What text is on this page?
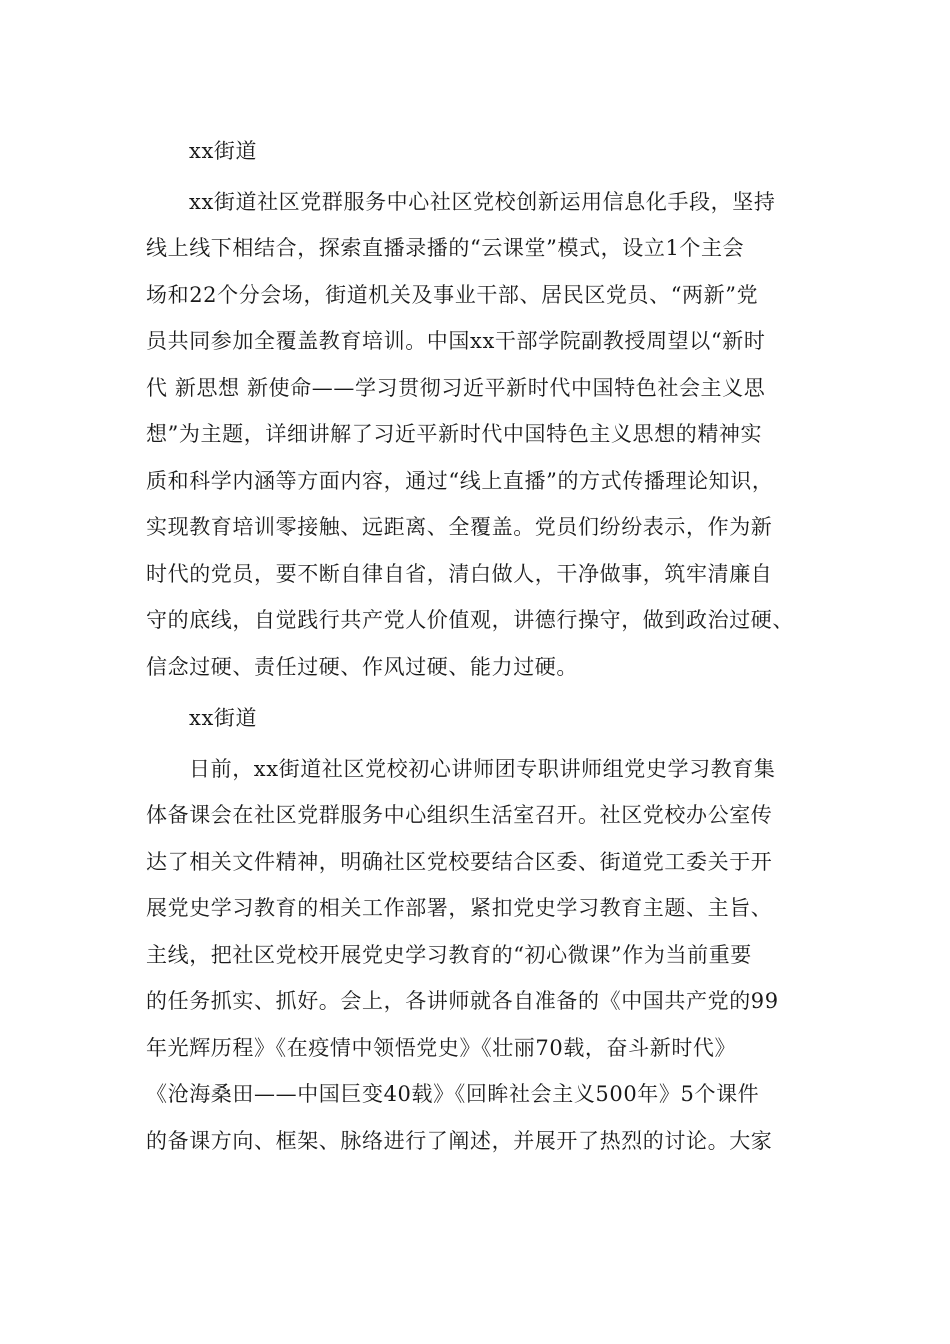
xx街道
xx街道社区党群服务中心社区党校创新运用信息化手段，坚持
线上线下相结合，探索直播录播的“云课堂”模式，设立1个主会
场和22个分会场，街道机关及事业干部、居民区党员、“两新”党
员共同参加全覆盖教育培训。中国xx干部学院副教授周望以“新时
代 新思想 新使命——学习贯彻习近平新时代中国特色社会主义思
想”为主题，详细讲解了习近平新时代中国特色主义思想的精神实
质和科学内涵等方面内容，通过“线上直播”的方式传播理论知识，
实现教育培训零接触、远距离、全覆盖。党员们纷纷表示，作为新
时代的党员，要不断自律自省，清白做人，干净做事，筑牢清廉自
守的底线，自觉践行共产党人价值观，讲德行操守，做到政治过硬、
信念过硬、责任过硬、作风过硬、能力过硬。
xx街道
日前，xx街道社区党校初心讲师团专职讲师组党史学习教育集
体备课会在社区党群服务中心组织生活室召开。社区党校办公室传
达了相关文件精神，明确社区党校要结合区委、街道党工委关于开
展党史学习教育的相关工作部署，紧扣党史学习教育主题、主旨、
主线，把社区党校开展党史学习教育的“初心微课”作为当前重要
的任务抓实、抓好。会上，各讲师就各自准备的《中国共产党的99
年光辉历程》《在疫情中领悟党史》《壮丽70载，奋斗新时代》
《沧海桑田——中国巨变40载》《回眸社会主义500年》5个课件
的备课方向、框架、脉络进行了阐述，并展开了热烈的讨论。大家
